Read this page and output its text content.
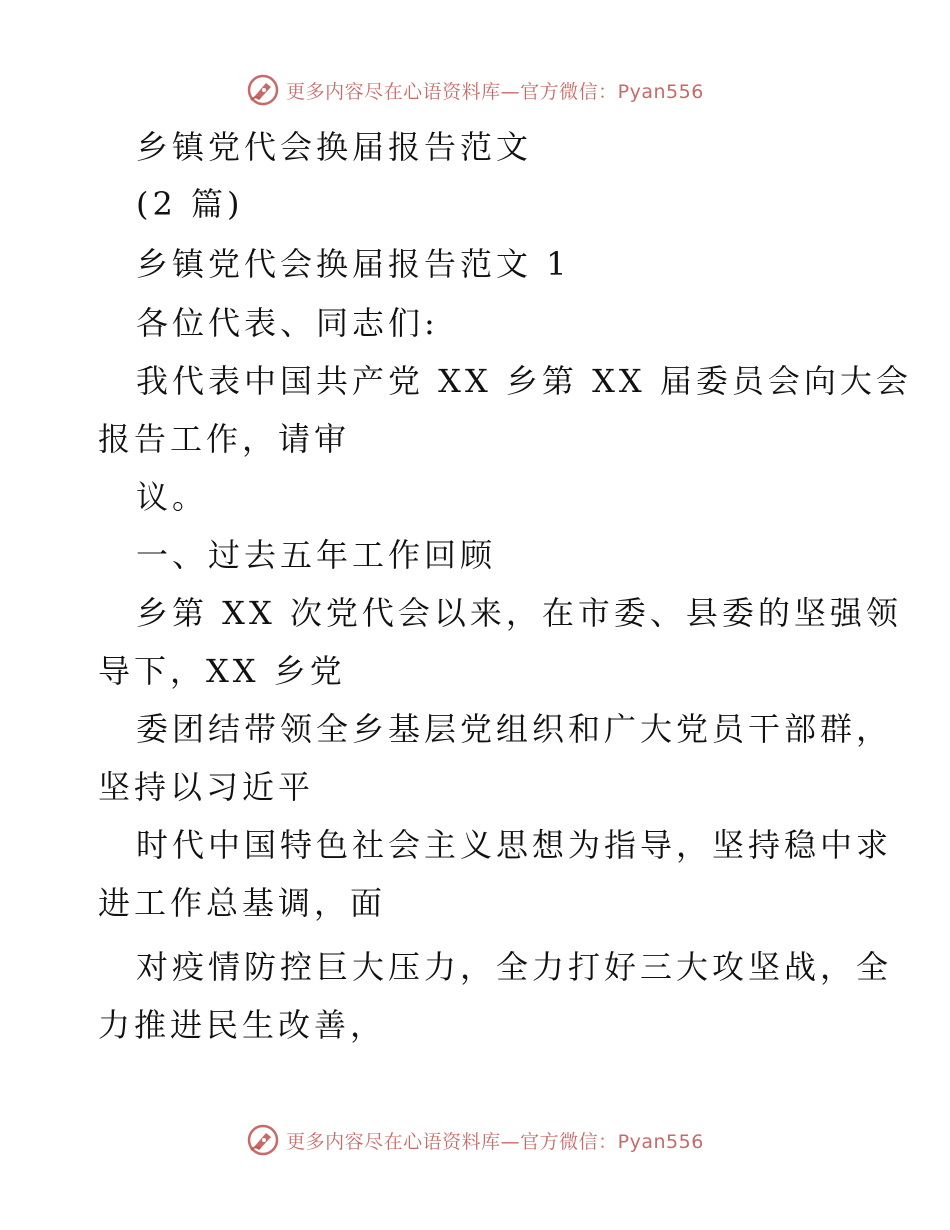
更多内容尽在心语资料库—官方微信：Pyan556
乡镇党代会换届报告范文
(2 篇)
乡镇党代会换届报告范文 1
各位代表、同志们:
我代表中国共产党 XX 乡第 XX 届委员会向大会
报告工作，请审
议。
一、过去五年工作回顾
乡第 XX 次党代会以来，在市委、县委的坚强领
导下，XX 乡党
委团结带领全乡基层党组织和广大党员干部群，
坚持以习近平
时代中国特色社会主义思想为指导，坚持稳中求
进工作总基调，面
对疫情防控巨大压力，全力打好三大攻坚战，全
力推进民生改善，
更多内容尽在心语资料库—官方微信：Pyan556
